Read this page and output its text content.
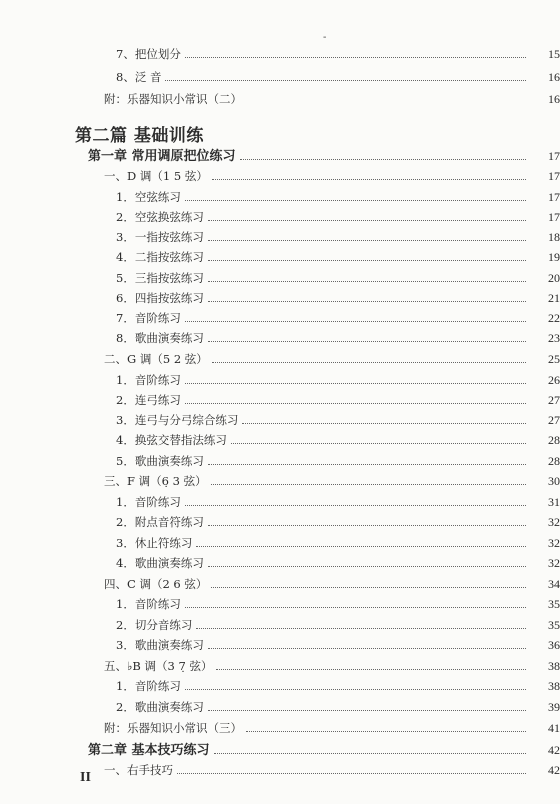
-
7、把位划分	15
8、泛 音	16
附：乐器知识小常识（二）	16
第二篇 基础训练
第一章 常用调原把位练习	17
一、D 调（1 5 弦）	17
1．空弦练习	17
2．空弦换弦练习	17
3．一指按弦练习	18
4．二指按弦练习	19
5．三指按弦练习	20
6．四指按弦练习	21
7．音阶练习	22
8．歌曲演奏练习	23
二、G 调（5 2 弦）	25
1．音阶练习	26
2．连弓练习	27
3．连弓与分弓综合练习	27
4．换弦交替指法练习	28
5．歌曲演奏练习	28
三、F 调（6̣ 3 弦）	30
1．音阶练习	31
2．附点音符练习	32
3．休止符练习	32
4．歌曲演奏练习	32
四、C 调（2 6 弦）	34
1．音阶练习	35
2．切分音练习	35
3．歌曲演奏练习	36
五、♭B 调（3 7̣ 弦）	38
1．音阶练习	38
2．歌曲演奏练习	39
附：乐器知识小常识（三）	41
第二章 基本技巧练习	42
一、右手技巧	42
II
